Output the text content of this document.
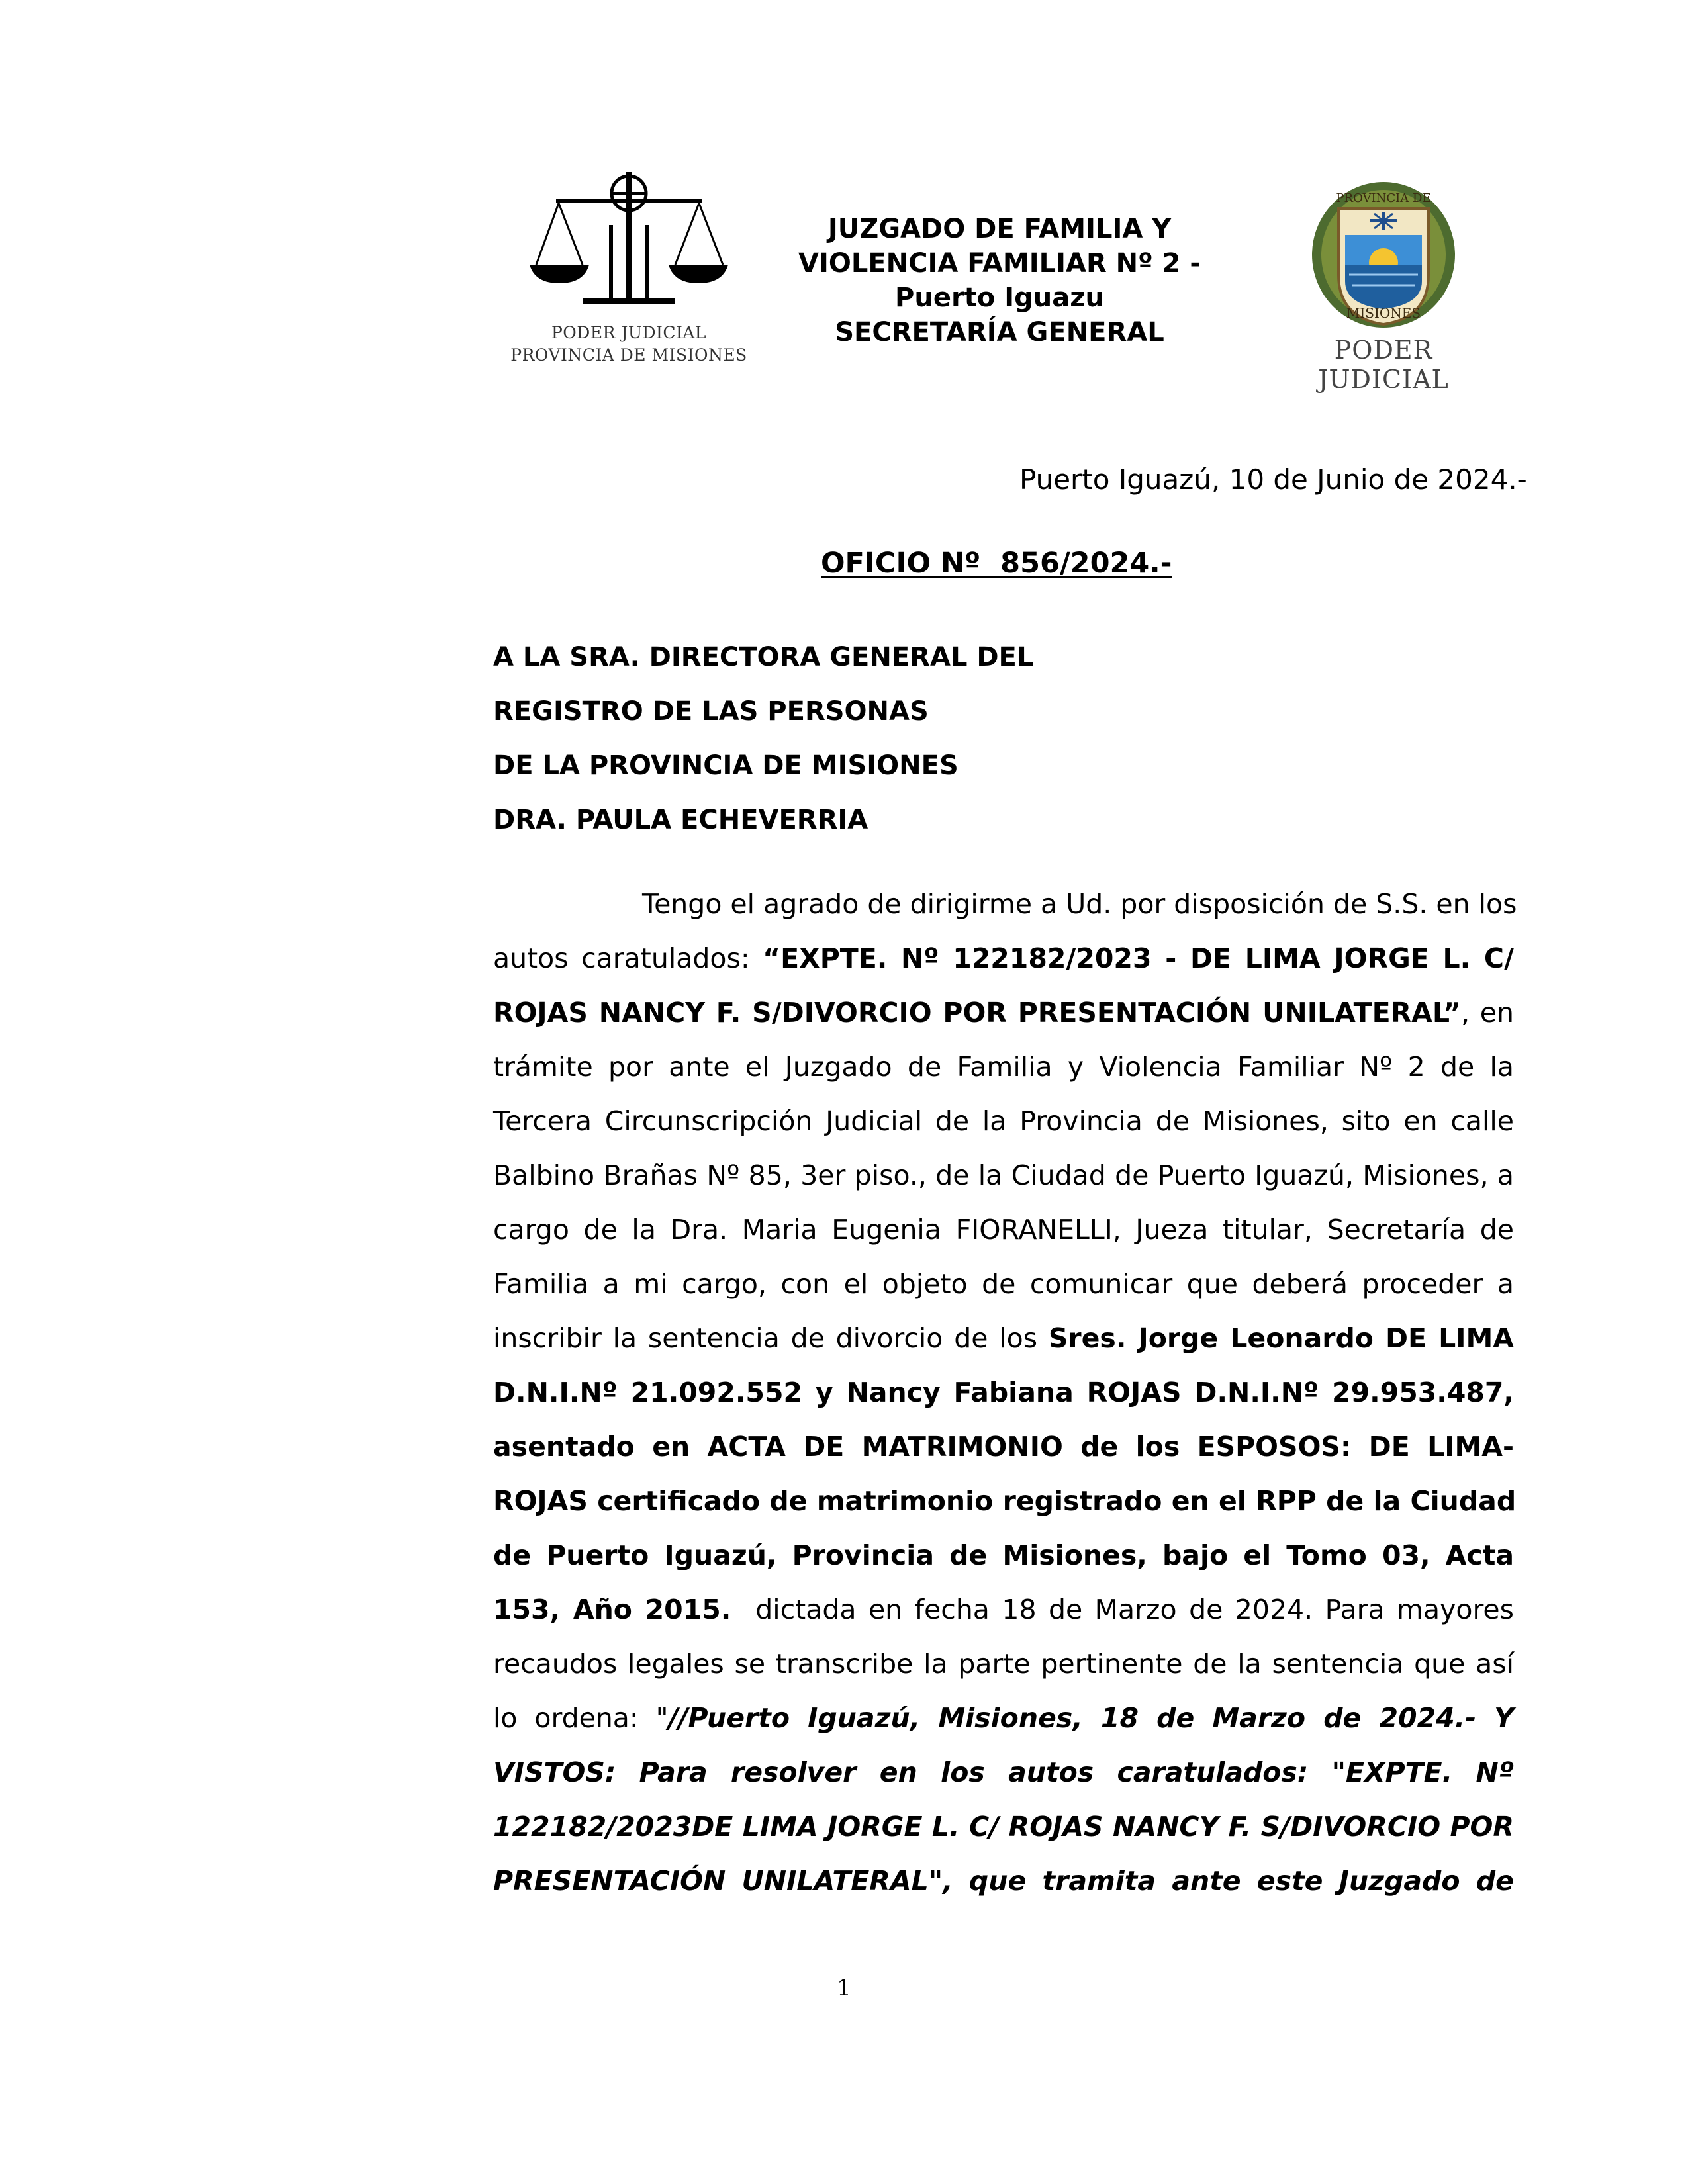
PODER JUDICIAL
PROVINCIA DE MISIONES
JUZGADO DE FAMILIA Y
VIOLENCIA FAMILIAR Nº 2 -
Puerto Iguazu
SECRETARÍA GENERAL
PROVINCIA DE
MISIONES
PODER JUDICIAL
Puerto Iguazú, 10 de Junio de 2024.-
OFICIO Nº  856/2024.-
A LA SRA. DIRECTORA GENERAL DEL
REGISTRO DE LAS PERSONAS
DE LA PROVINCIA DE MISIONES
DRA. PAULA ECHEVERRIA
Tengo el agrado de dirigirme a Ud. por disposición de S.S. en los
autos caratulados: “EXPTE. Nº 122182/2023 - DE LIMA JORGE L. C/
ROJAS NANCY F. S/DIVORCIO POR PRESENTACIÓN UNILATERAL”, en
trámite por ante el Juzgado de Familia y Violencia Familiar Nº 2 de la
Tercera Circunscripción Judicial de la Provincia de Misiones, sito en calle
Balbino Brañas Nº 85, 3er piso., de la Ciudad de Puerto Iguazú, Misiones, a
cargo de la Dra. Maria Eugenia FIORANELLI, Jueza titular, Secretaría de
Familia a mi cargo, con el objeto de comunicar que deberá proceder a
inscribir la sentencia de divorcio de los Sres. Jorge Leonardo DE LIMA
D.N.I.Nº 21.092.552 y Nancy Fabiana ROJAS D.N.I.Nº 29.953.487,
asentado en ACTA DE MATRIMONIO de los ESPOSOS: DE LIMA-
ROJAS certificado de matrimonio registrado en el RPP de la Ciudad
de Puerto Iguazú, Provincia de Misiones, bajo el Tomo 03, Acta
153, Año 2015.  dictada en fecha 18 de Marzo de 2024. Para mayores
recaudos legales se transcribe la parte pertinente de la sentencia que así
lo ordena: "//Puerto Iguazú, Misiones, 18 de Marzo de 2024.- Y
VISTOS: Para resolver en los autos caratulados: "EXPTE. Nº
122182/2023DE LIMA JORGE L. C/ ROJAS NANCY F. S/DIVORCIO POR
PRESENTACIÓN UNILATERAL", que tramita ante este Juzgado de
1
